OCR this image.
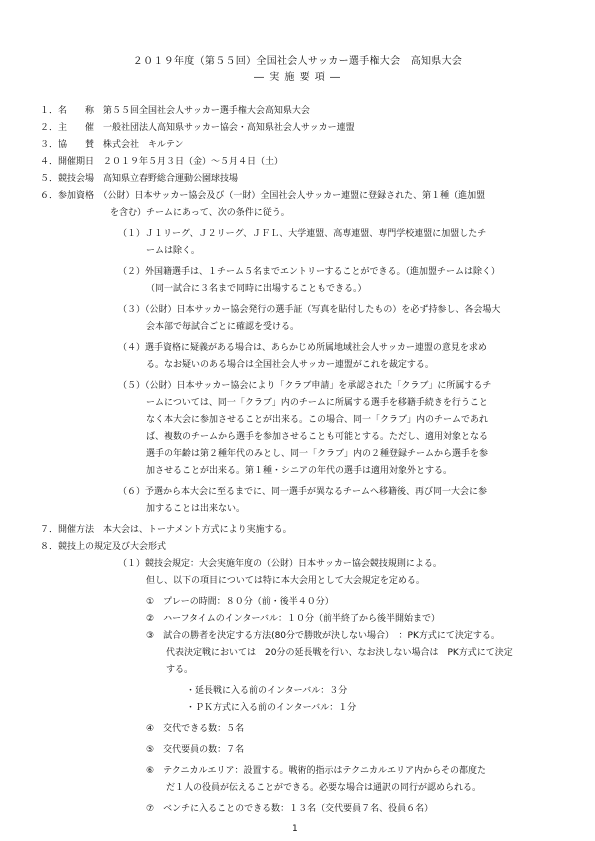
２０１９年度（第５５回）全国社会人サッカー選手権大会　高知県大会
― 実 施 要 項 ―
１．名　　称　第５５回全国社会人サッカー選手権大会高知県大会
２．主　　催　一般社団法人高知県サッカー協会・高知県社会人サッカー連盟
３．協　　賛　株式会社　キルテン
４．開催期日　２０１９年５月３日（金）～５月４日（土）
５．競技会場　高知県立春野総合運動公園球技場
６．参加資格　（公財）日本サッカー協会及び（一財）全国社会人サッカー連盟に登録された、第１種（進加盟
を含む）チームにあって、次の条件に従う。
（１）Ｊ１リーグ、Ｊ２リーグ、ＪＦＬ、大学連盟、高専連盟、専門学校連盟に加盟したチ
ームは除く。
（２）外国籍選手は、１チーム５名までエントリーすることができる。（進加盟チームは除く）
（同一試合に３名まで同時に出場することもできる。）
（３）（公財）日本サッカー協会発行の選手証（写真を貼付したもの）を必ず持参し、各会場大
会本部で毎試合ごとに確認を受ける。
（４）選手資格に疑義がある場合は、あらかじめ所属地域社会人サッカー連盟の意見を求め
る。なお疑いのある場合は全国社会人サッカー連盟がこれを裁定する。
（５）（公財）日本サッカー協会により「クラブ申請」を承認された「クラブ」に所属するチ
ームについては、同一「クラブ」内のチームに所属する選手を移籍手続きを行うこと
なく本大会に参加させることが出来る。この場合、同一「クラブ」内のチームであれ
ば、複数のチームから選手を参加させることも可能とする。ただし、適用対象となる
選手の年齢は第２種年代のみとし、同一「クラブ」内の２種登録チームから選手を参
加させることが出来る。第１種・シニアの年代の選手は適用対象外とする。
（６）予選から本大会に至るまでに、同一選手が異なるチームへ移籍後、再び同一大会に参
加することは出来ない。
７．開催方法　本大会は、トーナメント方式により実施する。
８．競技上の規定及び大会形式
（１）競技会規定：大会実施年度の（公財）日本サッカー協会競技規則による。
但し、以下の項目については特に本大会用として大会規定を定める。
①　プレーの時間：８０分（前・後半４０分）
②　ハーフタイムのインターバル：１０分（前半終了から後半開始まで）
③　試合の勝者を決定する方法(80分で勝敗が決しない場合）　：PK方式にて決定する。
代表決定戦においては　20分の延長戦を行い、なお決しない場合は　PK方式にて決定
する。
・延長戦に入る前のインターバル：３分
・ＰＫ方式に入る前のインターバル：１分
④　交代できる数：５名
⑤　交代要員の数：７名
⑥　テクニカルエリア：設置する。戦術的指示はテクニカルエリア内からその都度た
だ１人の役員が伝えることができる。必要な場合は通訳の同行が認められる。
⑦　ベンチに入ることのできる数：１３名（交代要員７名、役員６名）
1
